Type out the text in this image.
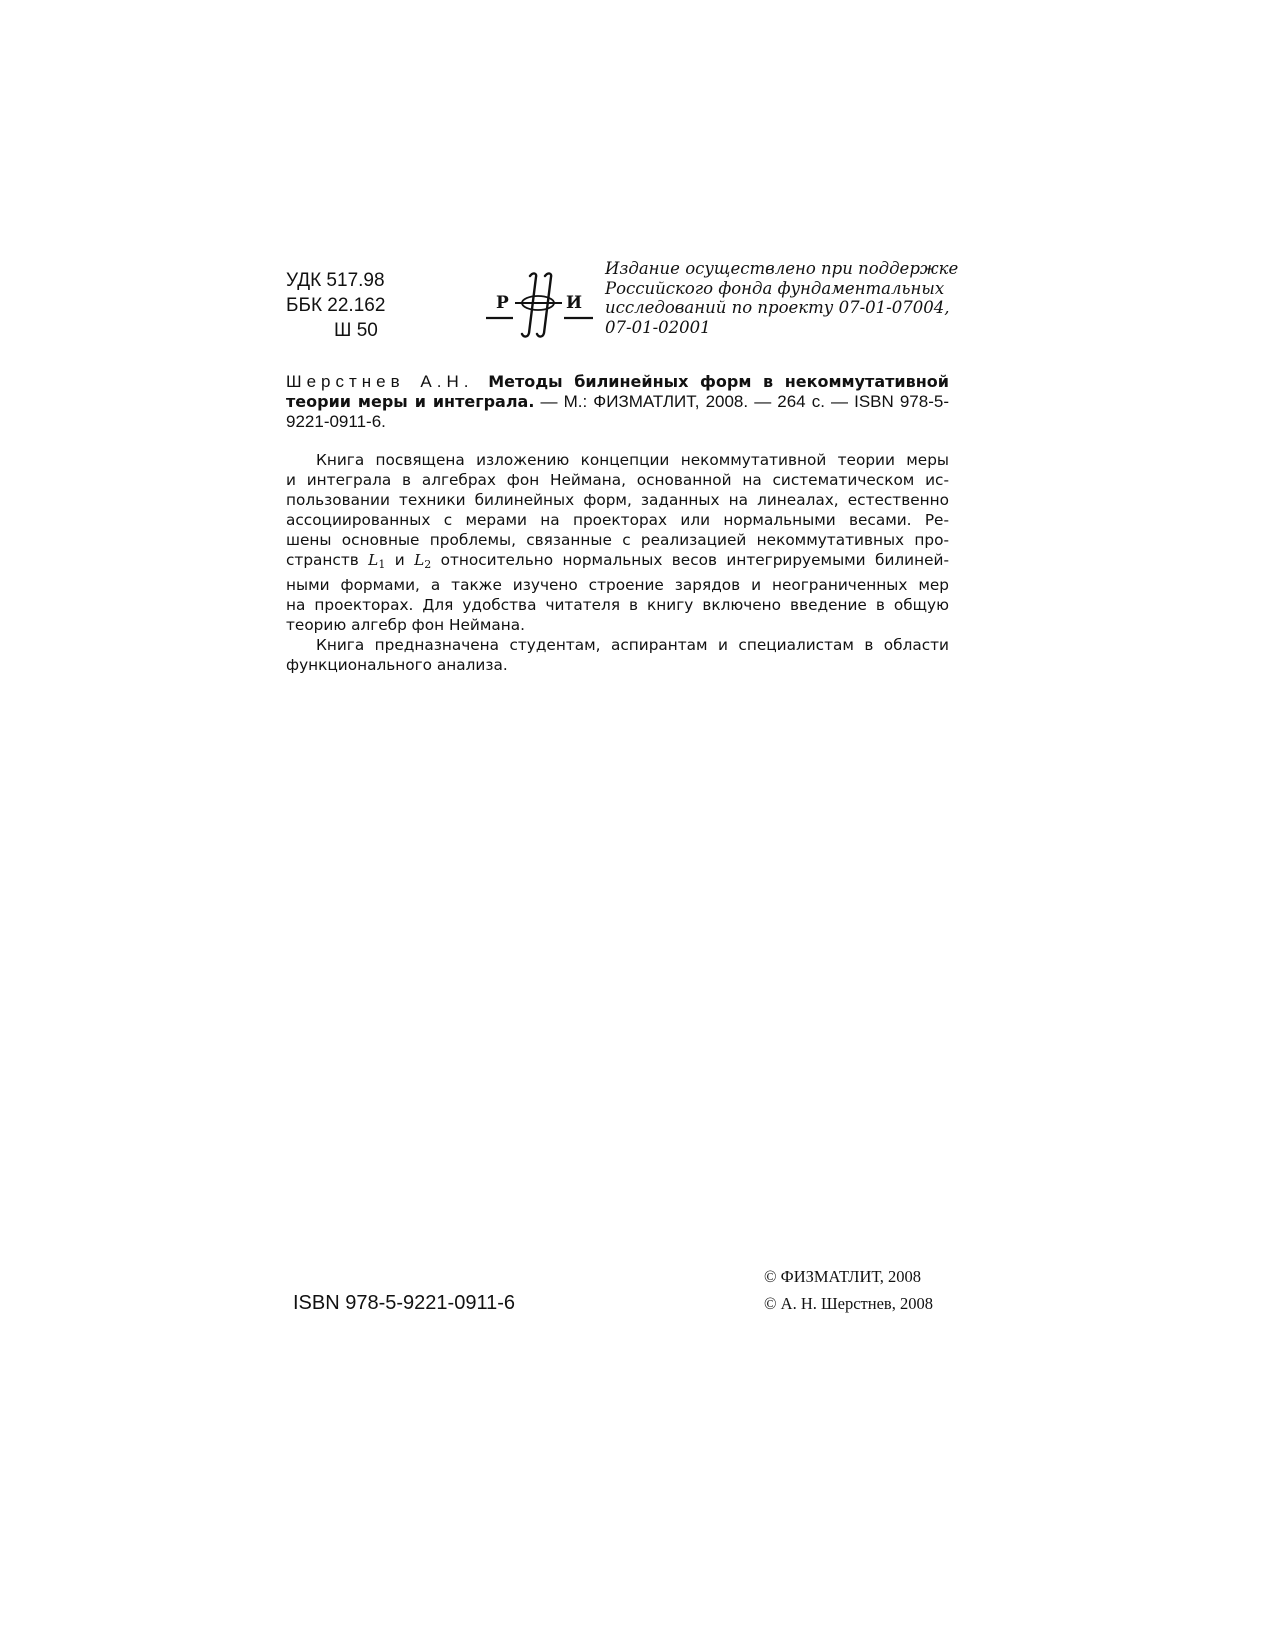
УДК 517.98
ББК 22.162
Ш 50
Р	И
Издание осуществлено при поддержке
Российского фонда фундаментальных
исследований по проекту 07-01-07004,
07-01-02001
Шерстнев А.Н. Методы билинейных форм в некоммутативной теории меры и интеграла. — М.: ФИЗМАТЛИТ, 2008. — 264 с. — ISBN 978-5-9221-0911-6.

Книга посвящена изложению концепции некоммутативной теории меры
и интеграла в алгебрах фон Неймана, основанной на систематическом ис-
пользовании техники билинейных форм, заданных на линеалах, естественно
ассоциированных с мерами на проекторах или нормальными весами. Ре-
шены основные проблемы, связанные с реализацией некоммутативных про-
странств $L_1$ и $L_2$ относительно нормальных весов интегрируемыми билиней-
ными формами, а также изучено строение зарядов и неограниченных мер
на проекторах. Для удобства читателя в книгу включено введение в общую
теорию алгебр фон Неймана.

Книга предназначена студентам, аспирантам и специалистам в области
функционального анализа.

ISBN 978-5-9221-0911-6
© ФИЗМАТЛИТ, 2008
© А. Н. Шерстнев, 2008
